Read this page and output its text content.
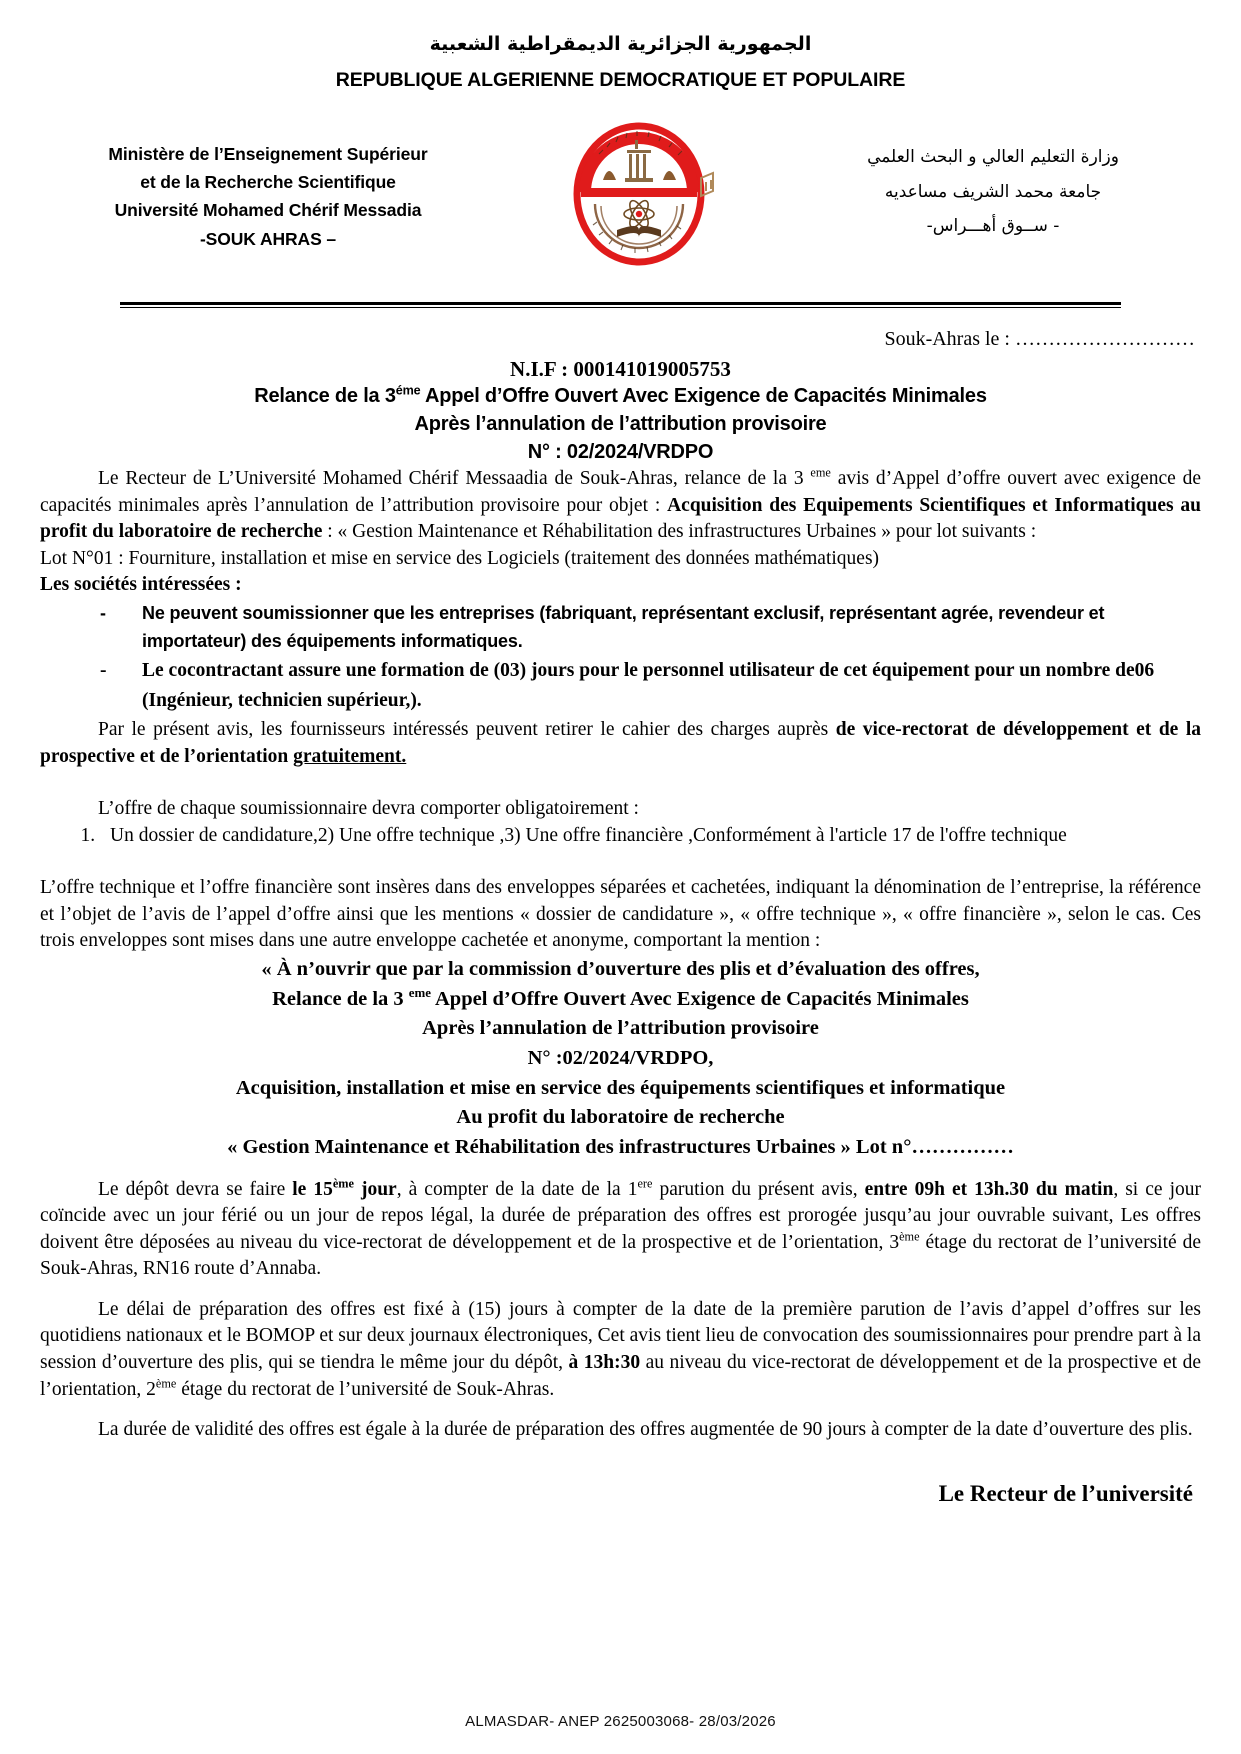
الجمهورية الجزائرية الديمقراطية الشعبية
REPUBLIQUE ALGERIENNE DEMOCRATIQUE ET POPULAIRE
Ministère de l’Enseignement Supérieur
et de la Recherche Scientifique
Université Mohamed Chérif Messadia
-SOUK AHRAS –
وزارة التعليم العالي و البحث العلمي
جامعة محمد الشريف مساعديه
- ســوق أهـــراس-
Souk-Ahras le : ………………………
N.I.F : 000141019005753
Relance de la $3^{éme}$ Appel d’Offre Ouvert Avec Exigence de Capacités Minimales
Après l’annulation de l’attribution provisoire
N° : 02/2024/VRDPO

Le Recteur de L’Université Mohamed Chérif Messaadia de Souk-Ahras, relance de la 3 $^{eme}$ avis d’Appel d’offre ouvert avec exigence de capacités minimales après l’annulation de l’attribution provisoire pour objet : Acquisition des Equipements Scientifiques et Informatiques au profit du laboratoire de recherche : « Gestion Maintenance et Réhabilitation des infrastructures Urbaines » pour lot suivants :

Lot N°01 : Fourniture, installation et mise en service des Logiciels (traitement des données mathématiques)

Les sociétés intéressées :

- Ne peuvent soumissionner que les entreprises (fabriquant, représentant exclusif, représentant agrée, revendeur et importateur) des équipements informatiques.
- Le cocontractant assure une formation de (03) jours pour le personnel utilisateur de cet équipement pour un nombre de06 (Ingénieur, technicien supérieur,).

Par le présent avis, les fournisseurs intéressés peuvent retirer le cahier des charges auprès de vice-rectorat de développement et de la prospective et de l’orientation gratuitement.

L’offre de chaque soumissionnaire devra comporter obligatoirement :

1. Un dossier de candidature,2) Une offre technique ,3) Une offre financière ,Conformément à l'article 17 de l'offre technique

L’offre technique et l’offre financière sont insères dans des enveloppes séparées et cachetées, indiquant la dénomination de l’entreprise, la référence et l’objet de l’avis de l’appel d’offre ainsi que les mentions « dossier de candidature », « offre technique », « offre financière », selon le cas. Ces trois enveloppes sont mises dans une autre enveloppe cachetée et anonyme, comportant la mention :

« À n’ouvrir que par la commission d’ouverture des plis et d’évaluation des offres,
Relance de la 3 $^{eme}$ Appel d’Offre Ouvert Avec Exigence de Capacités Minimales
Après l’annulation de l’attribution provisoire
N° :02/2024/VRDPO,
Acquisition, installation et mise en service des équipements scientifiques et informatique
Au profit du laboratoire de recherche
« Gestion Maintenance et Réhabilitation des infrastructures Urbaines » Lot n°……………

Le dépôt devra se faire le 15ème jour, à compter de la date de la 1ere parution du présent avis, entre 09h et 13h.30 du matin, si ce jour coïncide avec un jour férié ou un jour de repos légal, la durée de préparation des offres est prorogée jusqu’au jour ouvrable suivant, Les offres doivent être déposées au niveau du vice-rectorat de développement et de la prospective et de l’orientation, 3ème étage du rectorat de l’université de Souk-Ahras, RN16 route d’Annaba.

Le délai de préparation des offres est fixé à (15) jours à compter de la date de la première parution de l’avis d’appel d’offres sur les quotidiens nationaux et le BOMOP et sur deux journaux électroniques, Cet avis tient lieu de convocation des soumissionnaires pour prendre part à la session d’ouverture des plis, qui se tiendra le même jour du dépôt, à 13h:30 au niveau du vice-rectorat de développement et de la prospective et de l’orientation, 2ème étage du rectorat de l’université de Souk-Ahras.

La durée de validité des offres est égale à la durée de préparation des offres augmentée de 90 jours à compter de la date d’ouverture des plis.

Le Recteur de l’université
ALMASDAR- ANEP 2625003068- 28/03/2026
